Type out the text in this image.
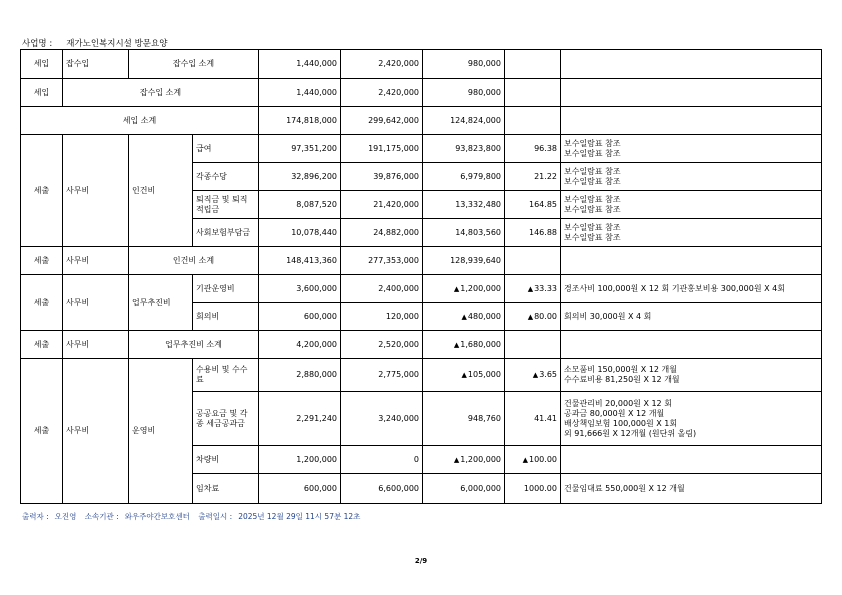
사업명 : 재가노인복지시설 방문요양
세입	잡수입	잡수입 소계		1,440,000	2,420,000	980,000		
세입	잡수입 소계			1,440,000	2,420,000	980,000		
세입 소계				174,818,000	299,642,000	124,824,000		
세출	사무비	인건비	급여	97,351,200	191,175,000	93,823,800	96.38	보수일람표 참조
보수일람표 참조

			각종수당	32,896,200	39,876,000	6,979,800	21.22	보수일람표 참조
보수일람표 참조

			퇴직금 및 퇴직적립금	8,087,520	21,420,000	13,332,480	164.85	보수일람표 참조
보수일람표 참조

			사회보험부담금	10,078,440	24,882,000	14,803,560	146.88	보수일람표 참조
보수일람표 참조

세출	사무비	인건비 소계		148,413,360	277,353,000	128,939,640		
세출	사무비	업무추진비	기관운영비	3,600,000	2,400,000	▲1,200,000	▲33.33	경조사비 100,000원 X 12 회 기관홍보비용 300,000원 X 4회
			회의비	600,000	120,000	▲480,000	▲80.00	회의비 30,000원 X 4 회
세출	사무비	업무추진비 소계		4,200,000	2,520,000	▲1,680,000		
세출	사무비	운영비	수용비 및 수수료	2,880,000	2,775,000	▲105,000	▲3.65	소모품비 150,000원 X 12 개월
수수료비용 81,250원 X 12 개월

			공공요금 및 각종 세금공과금	2,291,240	3,240,000	948,760	41.41	건물관리비 20,000원 X 12 회
공과금 80,000원 X 12 개월
배상책임보험 100,000원 X 1회
외 91,666원 X 12개월 (원단위 올림)

			차량비	1,200,000	0	▲1,200,000	▲100.00	
			임차료	600,000	6,600,000	6,000,000	1000.00	건물임대료 550,000원 X 12 개월
출력자 : 오진영 소속기관 : 와우주야간보호센터 출력일시 : 2025년 12월 29일 11시 57분 12초
2/9
